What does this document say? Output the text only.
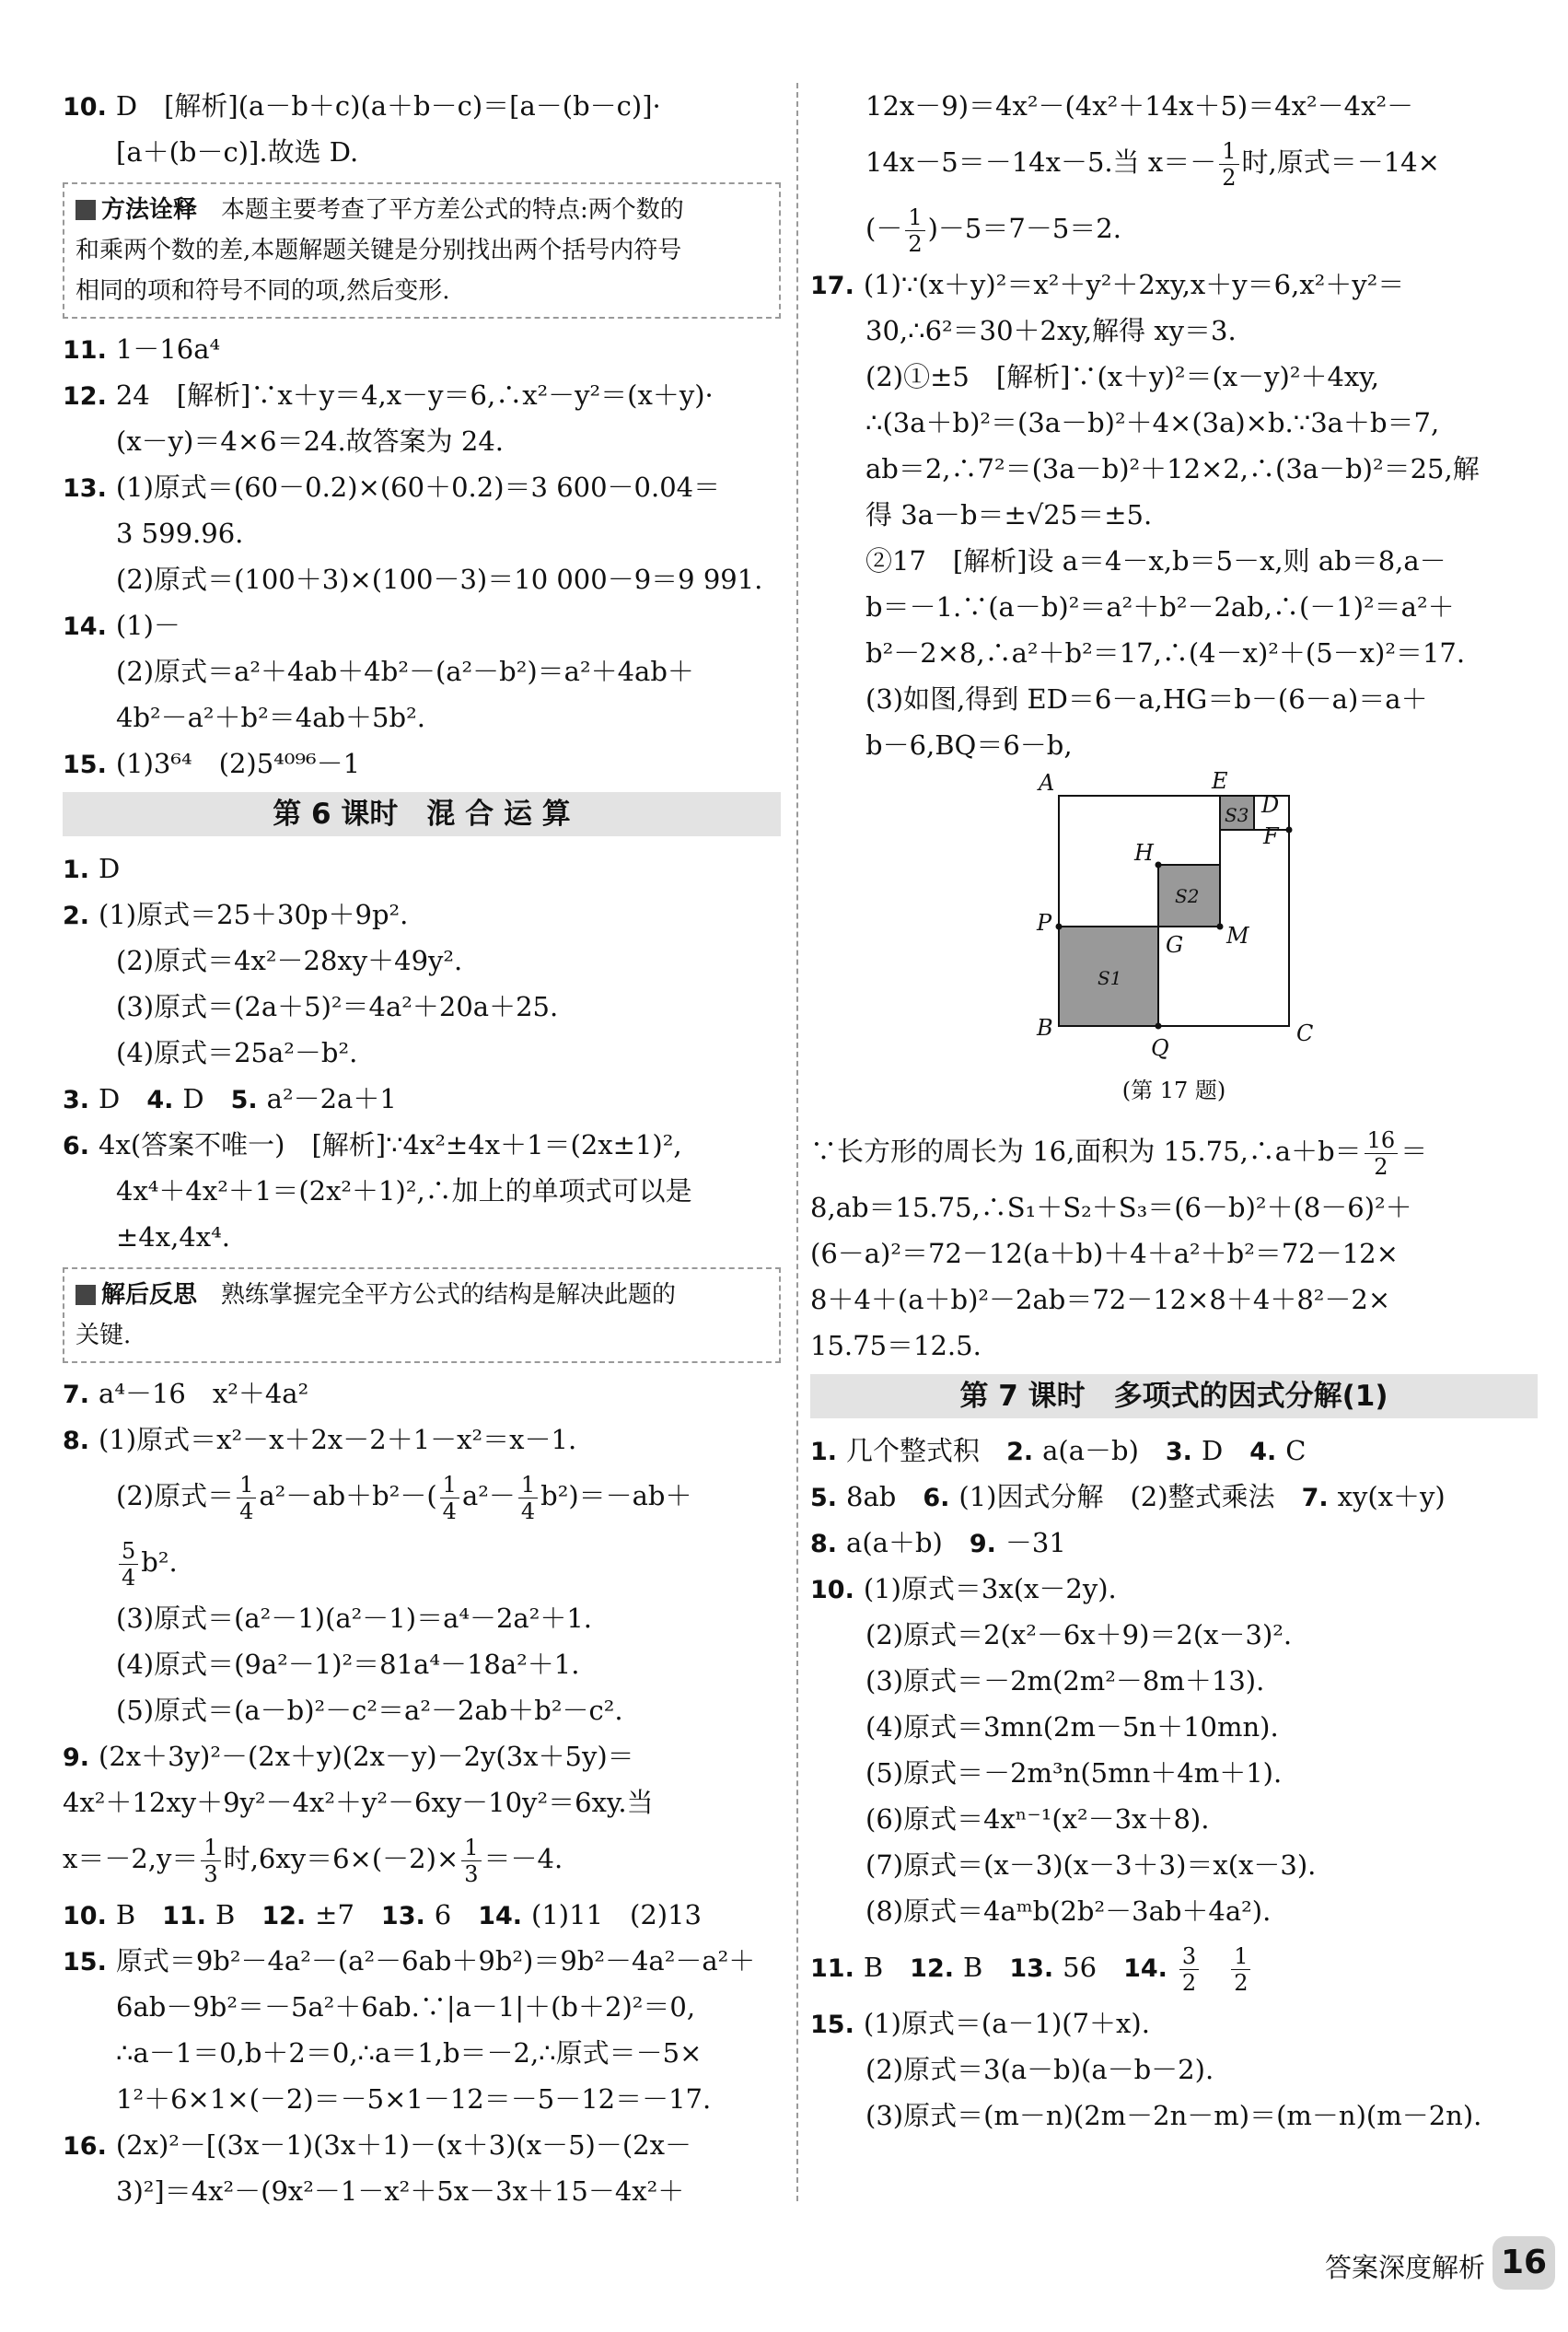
10. D　[解析](a－b＋c)(a＋b－c)＝[a－(b－c)]·
[a＋(b－c)].故选 D.
方法诠释　 本题主要考查了平方差公式的特点:两个数的
和乘两个数的差,本题解题关键是分别找出两个括号内符号
相同的项和符号不同的项,然后变形.
11. 1－16a⁴
12. 24　[解析]∵x＋y＝4,x－y＝6,∴x²－y²＝(x＋y)·
(x－y)＝4×6＝24.故答案为 24.
13. (1)原式＝(60－0.2)×(60＋0.2)＝3 600－0.04＝
3 599.96.
(2)原式＝(100＋3)×(100－3)＝10 000－9＝9 991.
14. (1)－
(2)原式＝a²＋4ab＋4b²－(a²－b²)＝a²＋4ab＋
4b²－a²＋b²＝4ab＋5b².
15. (1)3⁶⁴　(2)5⁴⁰⁹⁶－1
第 6 课时　混 合 运 算
1. D
2. (1)原式＝25＋30p＋9p².
(2)原式＝4x²－28xy＋49y².
(3)原式＝(2a＋5)²＝4a²＋20a＋25.
(4)原式＝25a²－b².
3. D　4. D　5. a²－2a＋1
6. 4x(答案不唯一)　[解析]∵4x²±4x＋1＝(2x±1)²,
4x⁴＋4x²＋1＝(2x²＋1)²,∴加上的单项式可以是
±4x,4x⁴.
解后反思　 熟练掌握完全平方公式的结构是解决此题的
关键.
7. a⁴－16　x²＋4a²
8. (1)原式＝x²－x＋2x－2＋1－x²＝x－1.
(2)原式＝ $\frac{1}{4} a^2-ab+b^2-( \frac{1}{4} a^2- \frac{1}{4} b^2)=-ab+$
$\frac{5}{4} b^2$.
(3)原式＝(a²－1)(a²－1)＝a⁴－2a²＋1.
(4)原式＝(9a²－1)²＝81a⁴－18a²＋1.
(5)原式＝(a－b)²－c²＝a²－2ab＋b²－c².
9. (2x＋3y)²－(2x＋y)(2x－y)－2y(3x＋5y)＝
4x²＋12xy＋9y²－4x²＋y²－6xy－10y²＝6xy.当
$x=-2,y= \frac{1}{3}$ 时$,6xy=6\times(-2)\times \frac{1}{3} =-4$.
10. B　11. B　12. ±7　13. 6　14. (1)11　(2)13
15. 原式＝9b²－4a²－(a²－6ab＋9b²)＝9b²－4a²－a²＋
6ab－9b²＝－5a²＋6ab.∵|a－1|＋(b＋2)²＝0,
∴a－1＝0,b＋2＝0,∴a＝1,b＝－2,∴原式＝－5×
1²＋6×1×(－2)＝－5×1－12＝－5－12＝－17.
16. (2x)²－[(3x－1)(3x＋1)－(x＋3)(x－5)－(2x－
3)²]＝4x²－(9x²－1－x²＋5x－3x＋15－4x²＋
12x－9)＝4x²－(4x²＋14x＋5)＝4x²－4x²－
14x－5＝－14x－5.当 $x=- \frac{1}{2}$ 时,原式＝－14×
(－ $\frac{1}{2} )-5=7-5=2$.
17. (1)∵(x＋y)²＝x²＋y²＋2xy,x＋y＝6,x²＋y²＝
30,∴6²＝30＋2xy,解得 xy＝3.
(2)①±5　[解析]∵(x＋y)²＝(x－y)²＋4xy,
∴(3a＋b)²＝(3a－b)²＋4×(3a)×b.∵3a＋b＝7,
ab＝2,∴7²＝(3a－b)²＋12×2,∴(3a－b)²＝25,解
得 3a－b＝±√25＝±5.
②17　[解析]设 a＝4－x,b＝5－x,则 ab＝8,a－
b＝－1.∵(a－b)²＝a²＋b²－2ab,∴(－1)²＝a²＋
b²－2×8,∴a²＋b²＝17,∴(4－x)²＋(5－x)²＝17.
(3)如图,得到 ED＝6－a,HG＝b－(6－a)＝a＋
b－6,BQ＝6－b,
A	E
D
S3
H
F
S2
P
G M
S1
B
Q
C
(第 17 题)
∵长方形的周长为 16,面积为 15.75,∴a＋b＝ $\frac{16}{2}$ ＝
8,ab＝15.75,∴S₁＋S₂＋S₃＝(6－b)²＋(8－6)²＋
(6－a)²＝72－12(a＋b)＋4＋a²＋b²＝72－12×
8＋4＋(a＋b)²－2ab＝72－12×8＋4＋8²－2×
15.75＝12.5.
第 7 课时　多项式的因式分解(1)
1. 几个整式积　2. a(a－b)　3. D　4. C
5. 8ab　6. (1)因式分解　(2)整式乘法　7. xy(x＋y)
8. a(a＋b)　9. －31
10. (1)原式＝3x(x－2y).
(2)原式＝2(x²－6x＋9)＝2(x－3)².
(3)原式＝－2m(2m²－8m＋13).
(4)原式＝3mn(2m－5n＋10mn).
(5)原式＝－2m³n(5mn＋4m＋1).
(6)原式＝4xⁿ⁻¹(x²－3x＋8).
(7)原式＝(x－3)(x－3＋3)＝x(x－3).
(8)原式＝4aᵐb(2b²－3ab＋4a²).
11. B　12. B　13. 56　14. $\frac{3}{2}$
　 $\frac{1}{2}$
15. (1)原式＝(a－1)(7＋x).
(2)原式＝3(a－b)(a－b－2).
(3)原式＝(m－n)(2m－2n－m)＝(m－n)(m－2n).
答案深度解析 16
